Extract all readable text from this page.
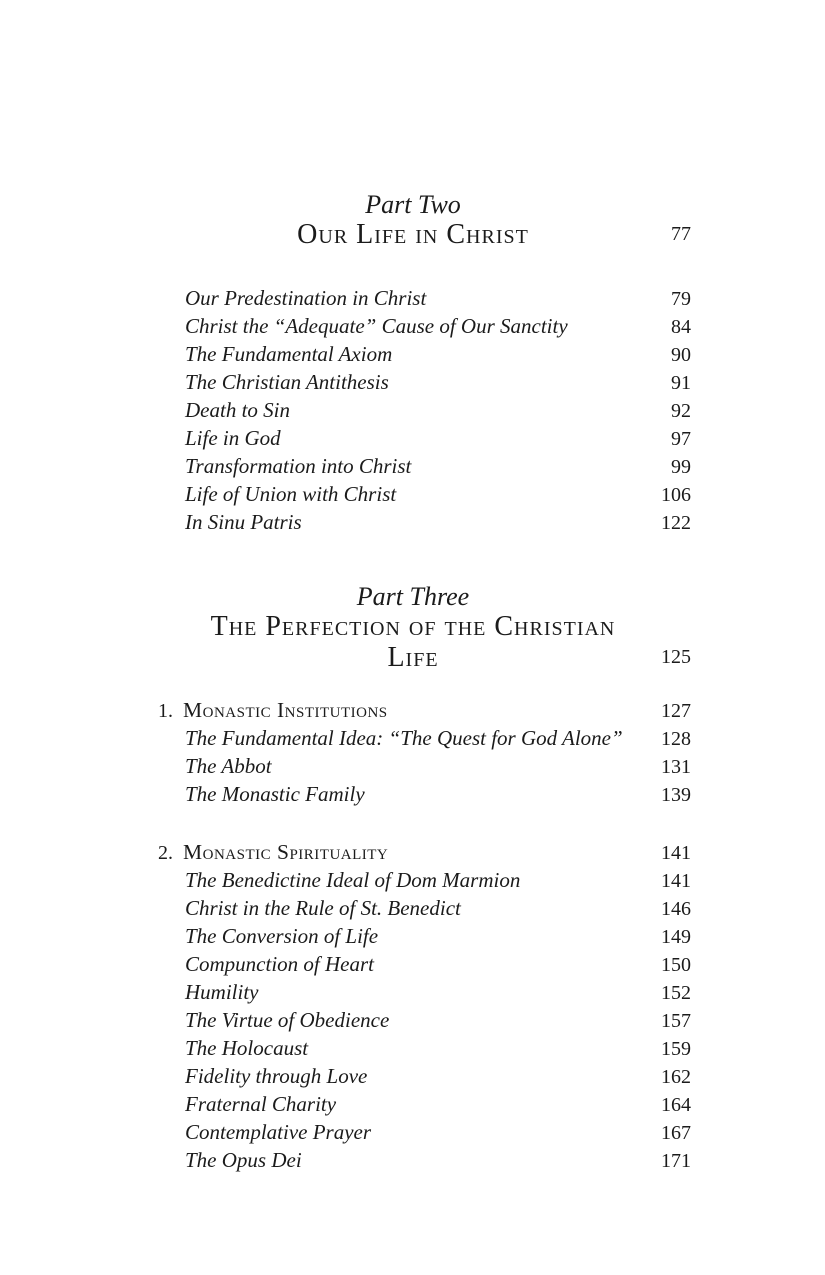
Part Two
Our Life in Christ	77
Our Predestination in Christ	79
Christ the “Adequate” Cause of Our Sanctity	84
The Fundamental Axiom	90
The Christian Antithesis	91
Death to Sin	92
Life in God	97
Transformation into Christ	99
Life of Union with Christ	106
In Sinu Patris	122
Part Three
The Perfection of the Christian Life	125
1. Monastic Institutions	127
The Fundamental Idea: “The Quest for God Alone”	128
The Abbot	131
The Monastic Family	139
2. Monastic Spirituality	141
The Benedictine Ideal of Dom Marmion	141
Christ in the Rule of St. Benedict	146
The Conversion of Life	149
Compunction of Heart	150
Humility	152
The Virtue of Obedience	157
The Holocaust	159
Fidelity through Love	162
Fraternal Charity	164
Contemplative Prayer	167
The Opus Dei	171
